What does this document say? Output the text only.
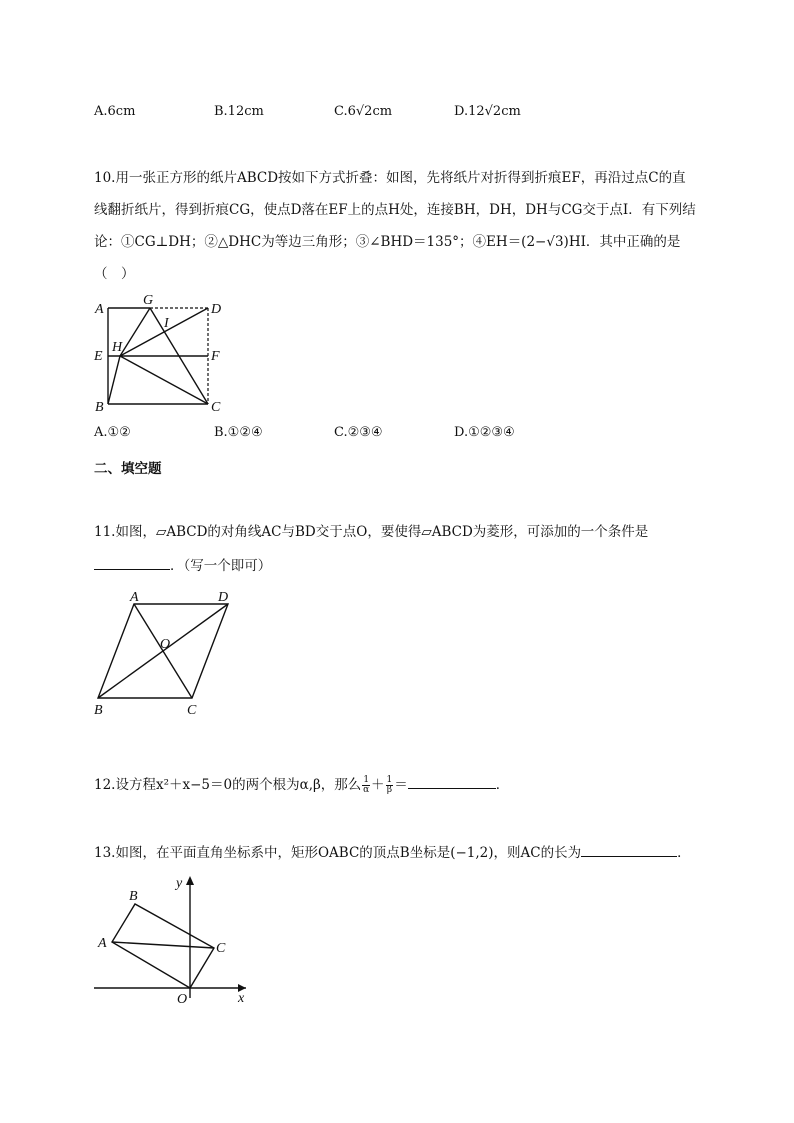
A.6cm	B.12cm	C.6√2cm	D.12√2cm
10.用一张正方形的纸片ABCD按如下方式折叠：如图，先将纸片对折得到折痕EF，再沿过点C的直
线翻折纸片，得到折痕CG，使点D落在EF上的点H处，连接BH，DH，DH与CG交于点I．有下列结
论：①CG⊥DH；②△DHC为等边三角形；③∠BHD＝135°；④EH＝(2−√3)HI．其中正确的是
（　）
A
G
D
I
E
H
F
B	C
A.①②	B.①②④	C.②③④	D.①②③④
二、填空题
11.如图，▱ABCD的对角线AC与BD交于点O，要使得▱ABCD为菱形，可添加的一个条件是
．（写一个即可）
A	D
O
B	C
12.设方程x²＋x−5＝0的两个根为α,β，那么 $\frac{1}{\alpha} + \frac{1}{\beta}$ ＝	．
13.如图，在平面直角坐标系中，矩形OABC的顶点B坐标是(−1,2)，则AC的长为	．
y
x
B
A	C
O
